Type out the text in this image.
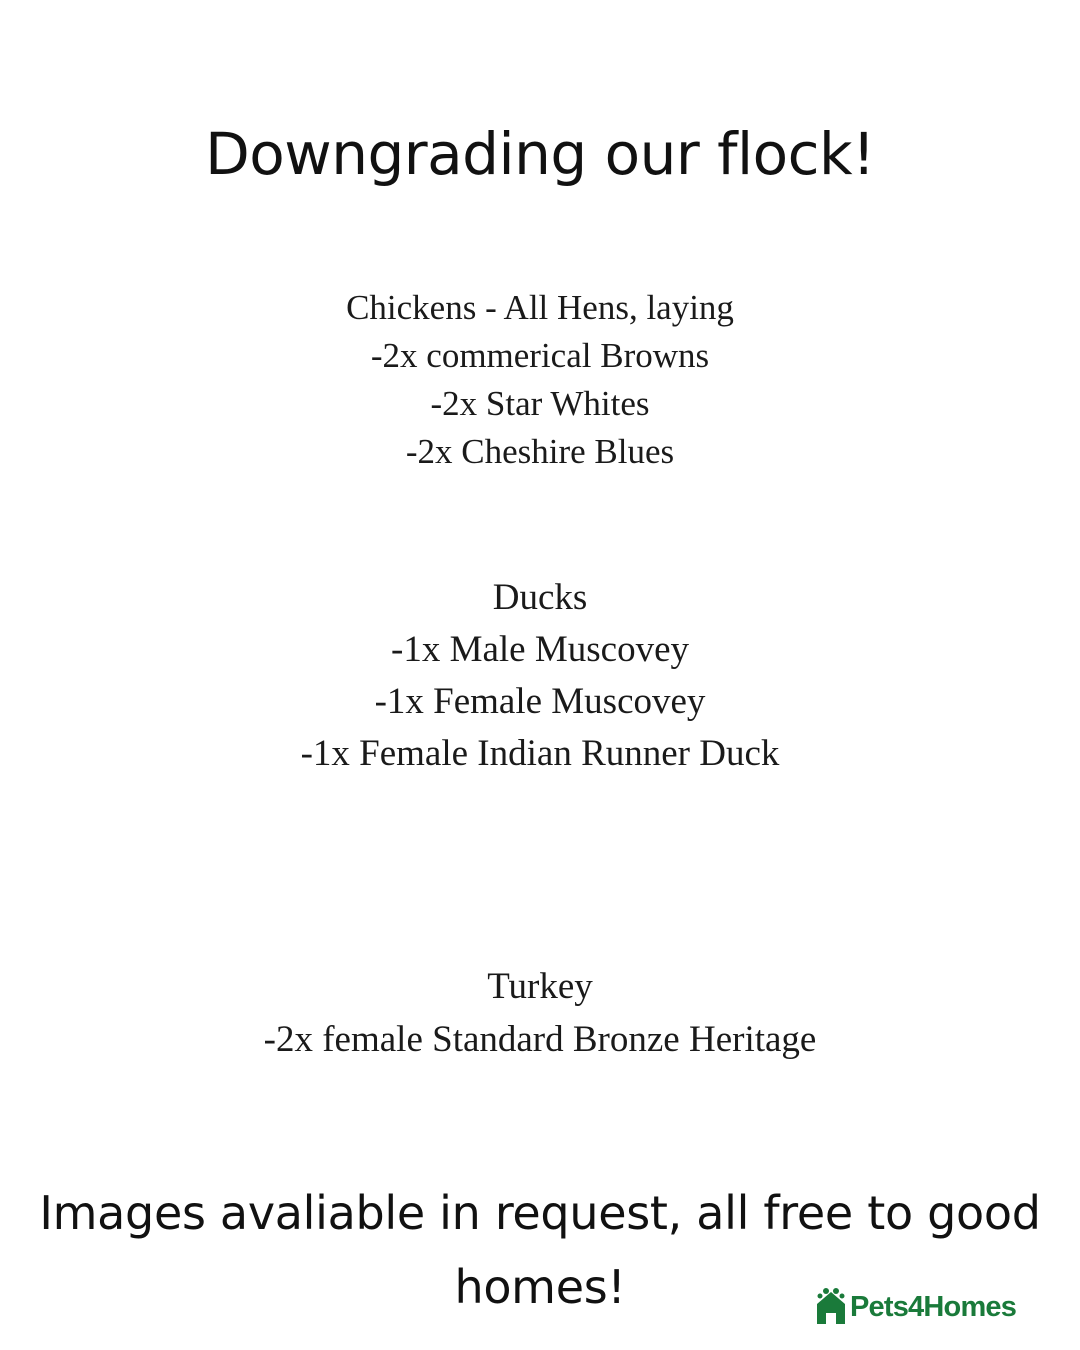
Downgrading our flock!
Chickens - All Hens, laying
-2x commerical Browns
-2x Star Whites
-2x Cheshire Blues
Ducks
-1x Male Muscovey
-1x Female Muscovey
-1x Female Indian Runner Duck
Turkey
-2x female Standard Bronze Heritage
Images avaliable in request, all free to good
homes!	Pets4Homes
